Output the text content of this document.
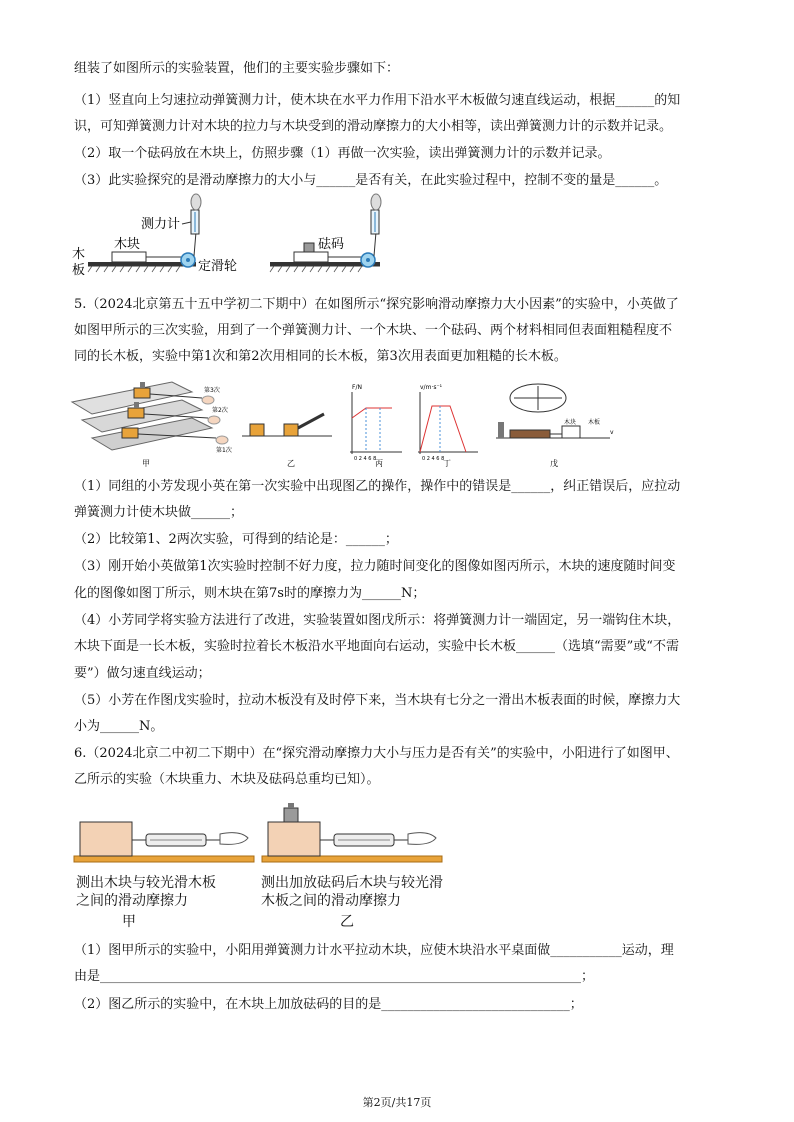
组装了如图所示的实验装置，他们的主要实验步骤如下：
（1）竖直向上匀速拉动弹簧测力计，使木块在水平力作用下沿水平木板做匀速直线运动，根据______的知
识，可知弹簧测力计对木块的拉力与木块受到的滑动摩擦力的大小相等，读出弹簧测力计的示数并记录。
（2）取一个砝码放在木块上，仿照步骤（1）再做一次实验，读出弹簧测力计的示数并记录。
（3）此实验探究的是滑动摩擦力的大小与______是否有关，在此实验过程中，控制不变的量是______。
测力计
木
板
木块
定滑轮
砝码
5.（2024北京第五十五中学初二下期中）在如图所示“探究影响滑动摩擦力大小因素”的实验中，小英做了
如图甲所示的三次实验，用到了一个弹簧测力计、一个木块、一个砝码、两个材料相同但表面粗糙程度不
同的长木板，实验中第1次和第2次用相同的长木板，第3次用表面更加粗糙的长木板。
第3次
第2次
第1次
甲	乙
F/N
0 2 4 6 8
丙
v/m·s⁻¹
0 2 4 6 8
丁
木块 木板
v
戊
（1）同组的小芳发现小英在第一次实验中出现图乙的操作，操作中的错误是______，纠正错误后，应拉动
弹簧测力计使木块做______；
（2）比较第1、2两次实验，可得到的结论是：______；
（3）刚开始小英做第1次实验时控制不好力度，拉力随时间变化的图像如图丙所示，木块的速度随时间变
化的图像如图丁所示，则木块在第7s时的摩擦力为______N；
（4）小芳同学将实验方法进行了改进，实验装置如图戊所示：将弹簧测力计一端固定，另一端钩住木块，
木块下面是一长木板，实验时拉着长木板沿水平地面向右运动，实验中长木板______（选填“需要”或“不需
要”）做匀速直线运动；
（5）小芳在作图戊实验时，拉动木板没有及时停下来，当木块有七分之一滑出木板表面的时候，摩擦力大
小为______N。
6.（2024北京二中初二下期中）在“探究滑动摩擦力大小与压力是否有关”的实验中，小阳进行了如图甲、
乙所示的实验（木块重力、木块及砝码总重均已知）。
测出木块与较光滑木板
之间的滑动摩擦力
甲
测出加放砝码后木块与较光滑
木板之间的滑动摩擦力
乙
（1）图甲所示的实验中，小阳用弹簧测力计水平拉动木块，应使木块沿水平桌面做___________运动，理
由是__________________________________________________________________________；
（2）图乙所示的实验中，在木块上加放砝码的目的是_____________________________；
第2页/共17页
